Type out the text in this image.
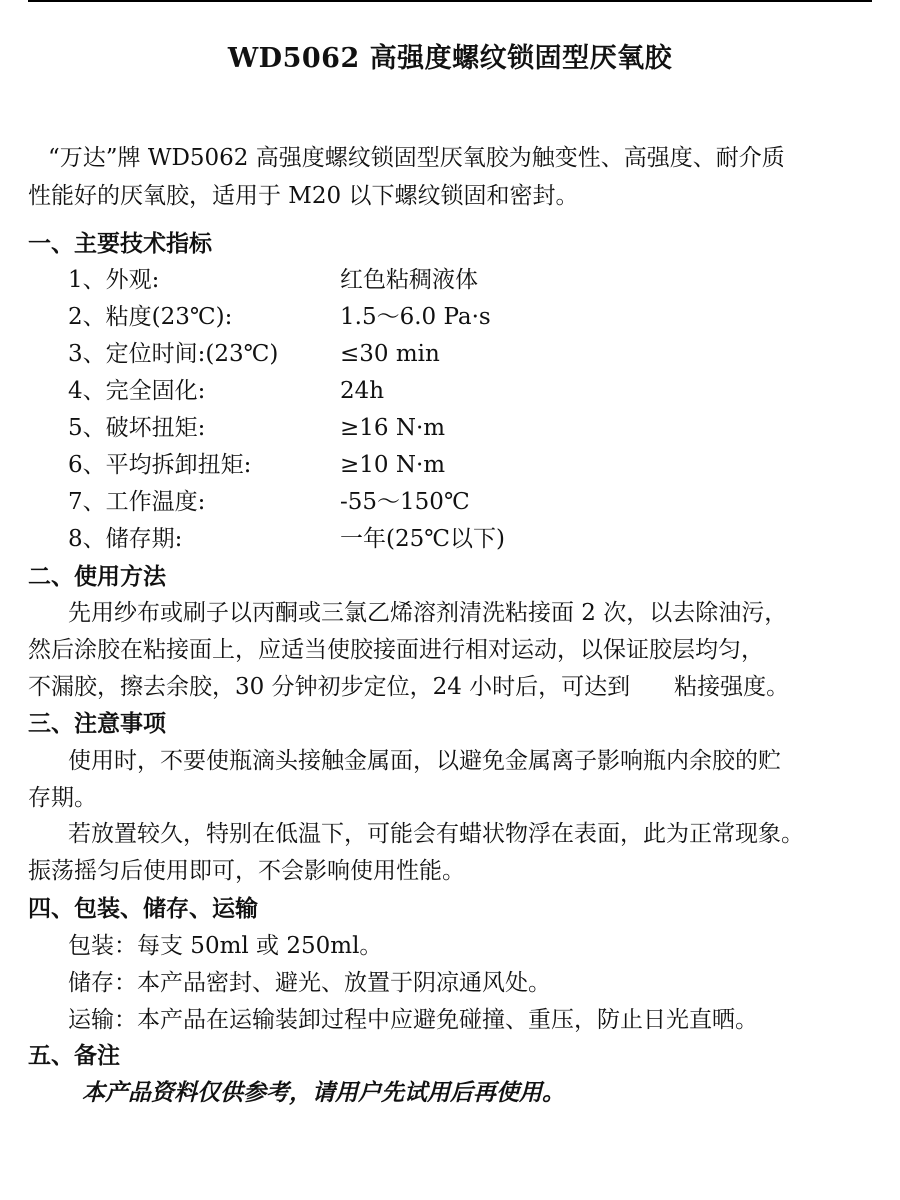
WD5062 高强度螺纹锁固型厌氧胶
“万达”牌 WD5062 高强度螺纹锁固型厌氧胶为触变性、高强度、耐介质
性能好的厌氧胶，适用于 M20 以下螺纹锁固和密封。
一、主要技术指标
1、外观:	红色粘稠液体
2、粘度(23℃):	1.5～6.0 Pa·s
3、定位时间:(23℃)	≤30 min
4、完全固化:	24h
5、破坏扭矩:	≥16 N·m
6、平均拆卸扭矩:	≥10 N·m
7、工作温度:	-55～150℃
8、储存期:	一年(25℃以下)
二、使用方法
先用纱布或刷子以丙酮或三氯乙烯溶剂清洗粘接面 2 次，以去除油污，
然后涂胶在粘接面上，应适当使胶接面进行相对运动，以保证胶层均匀，
不漏胶，擦去余胶，30 分钟初步定位，24 小时后，可达到 粘接强度。
三、注意事项
使用时，不要使瓶滴头接触金属面，以避免金属离子影响瓶内余胶的贮
存期。
若放置较久，特别在低温下，可能会有蜡状物浮在表面，此为正常现象。
振荡摇匀后使用即可，不会影响使用性能。
四、包装、储存、运输
包装：每支 50ml 或 250ml。
储存：本产品密封、避光、放置于阴凉通风处。
运输：本产品在运输装卸过程中应避免碰撞、重压，防止日光直晒。
五、备注
本产品资料仅供参考，请用户先试用后再使用。
